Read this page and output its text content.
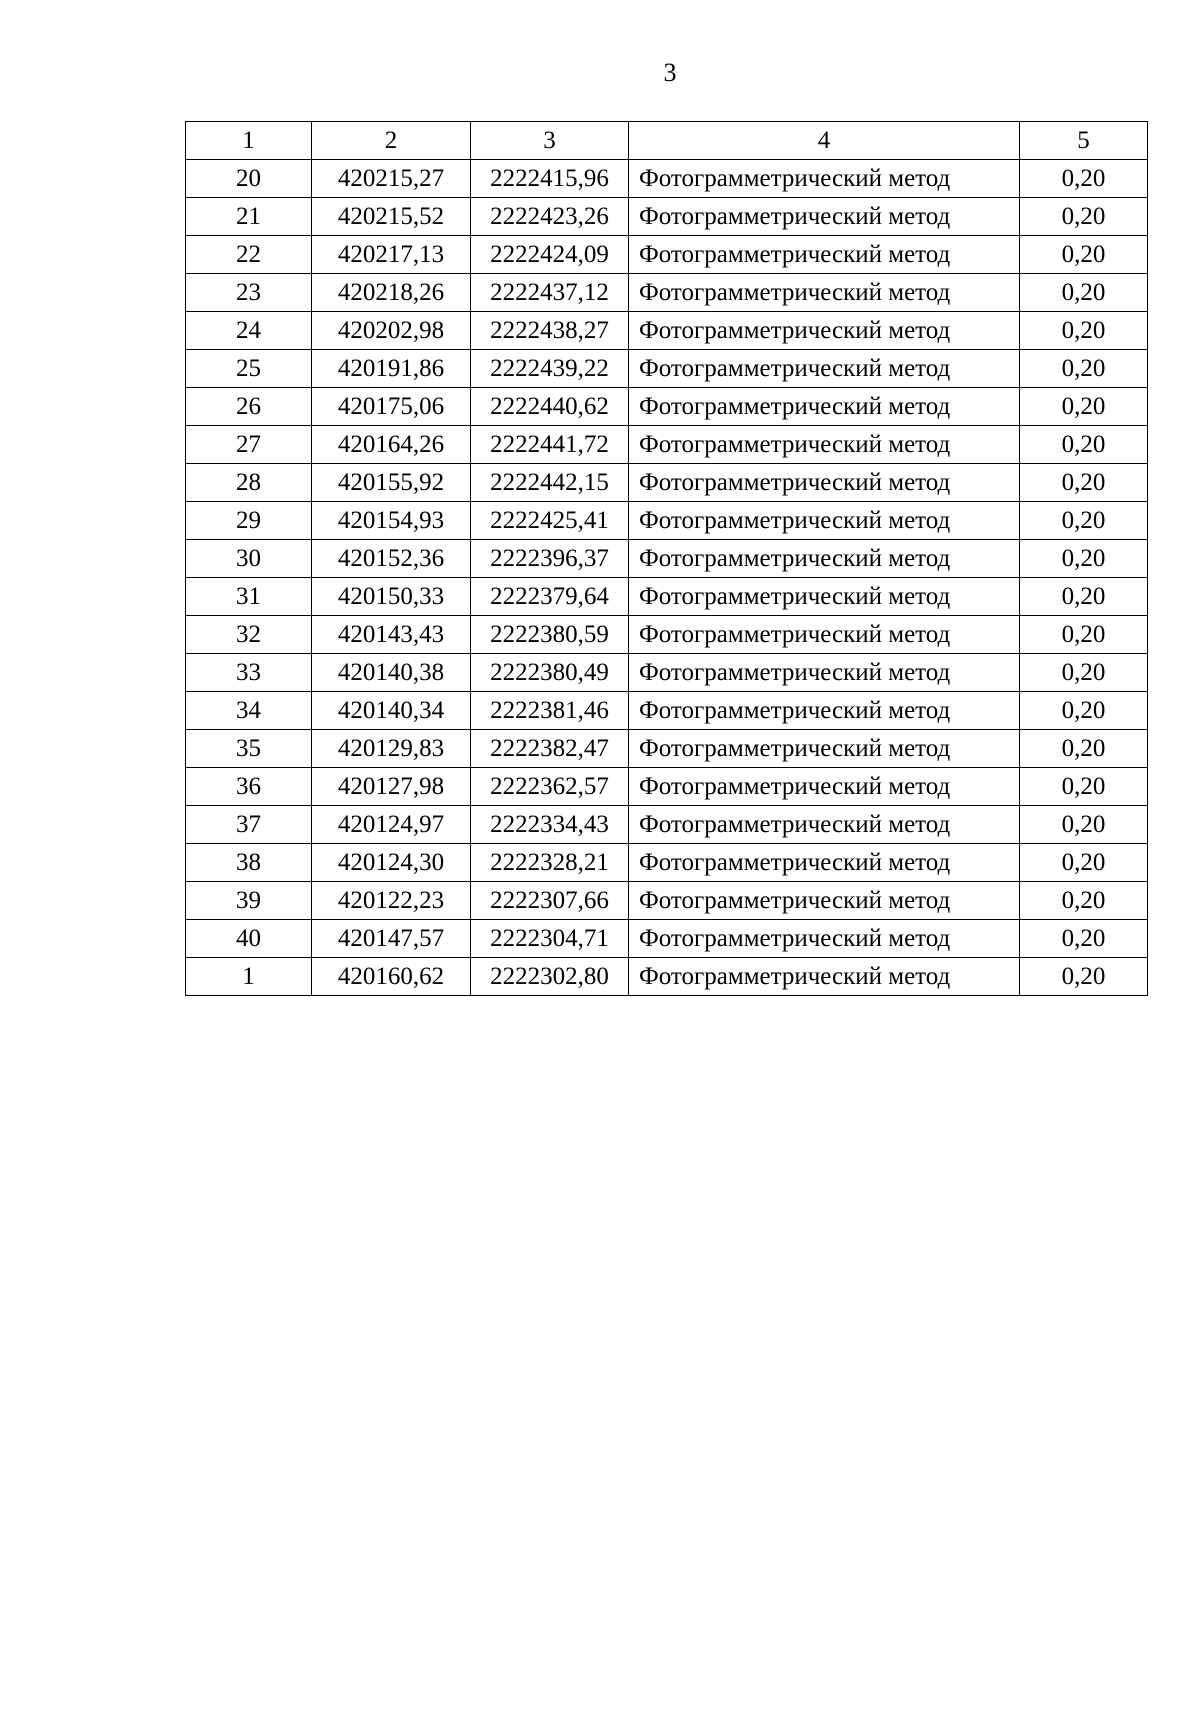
3
1	2	3	4	5
20	420215,27	2222415,96	Фотограмметрический метод	0,20
21	420215,52	2222423,26	Фотограмметрический метод	0,20
22	420217,13	2222424,09	Фотограмметрический метод	0,20
23	420218,26	2222437,12	Фотограмметрический метод	0,20
24	420202,98	2222438,27	Фотограмметрический метод	0,20
25	420191,86	2222439,22	Фотограмметрический метод	0,20
26	420175,06	2222440,62	Фотограмметрический метод	0,20
27	420164,26	2222441,72	Фотограмметрический метод	0,20
28	420155,92	2222442,15	Фотограмметрический метод	0,20
29	420154,93	2222425,41	Фотограмметрический метод	0,20
30	420152,36	2222396,37	Фотограмметрический метод	0,20
31	420150,33	2222379,64	Фотограмметрический метод	0,20
32	420143,43	2222380,59	Фотограмметрический метод	0,20
33	420140,38	2222380,49	Фотограмметрический метод	0,20
34	420140,34	2222381,46	Фотограмметрический метод	0,20
35	420129,83	2222382,47	Фотограмметрический метод	0,20
36	420127,98	2222362,57	Фотограмметрический метод	0,20
37	420124,97	2222334,43	Фотограмметрический метод	0,20
38	420124,30	2222328,21	Фотограмметрический метод	0,20
39	420122,23	2222307,66	Фотограмметрический метод	0,20
40	420147,57	2222304,71	Фотограмметрический метод	0,20
1	420160,62	2222302,80	Фотограмметрический метод	0,20
